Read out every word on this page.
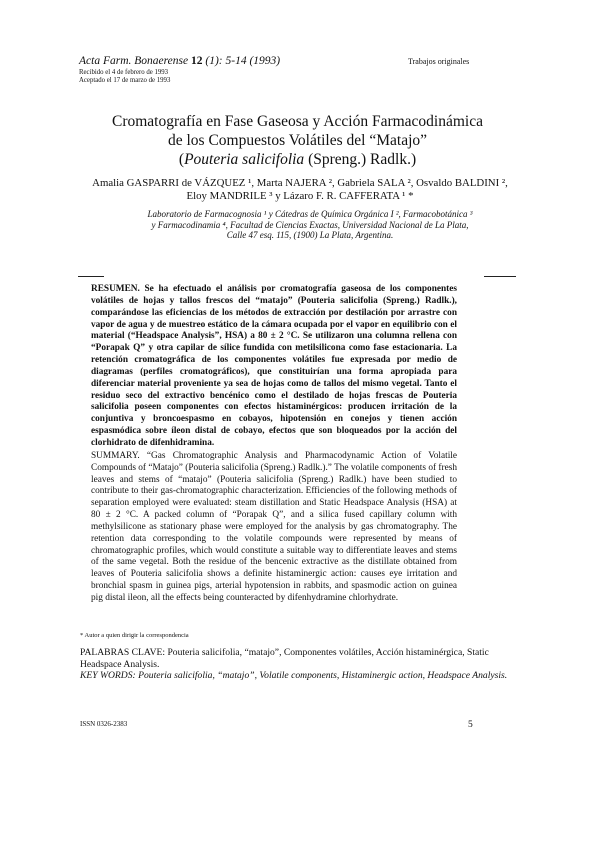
Acta Farm. Bonaerense 12 (1): 5-14 (1993)	Trabajos originales
Recibido el 4 de febrero de 1993
Aceptado el 17 de marzo de 1993
Cromatografía en Fase Gaseosa y Acción Farmacodinámica
de los Compuestos Volátiles del “Matajo”
(Pouteria salicifolia (Spreng.) Radlk.)
Amalia GASPARRI de VÁZQUEZ ¹, Marta NAJERA ², Gabriela SALA ², Osvaldo BALDINI ²,
Eloy MANDRILE ³ y Lázaro F. R. CAFFERATA ¹ *
Laboratorio de Farmacognosia ¹ y Cátedras de Química Orgánica I ², Farmacobotánica ³
y Farmacodinamia ⁴, Facultad de Ciencias Exactas, Universidad Nacional de La Plata,
Calle 47 esq. 115, (1900) La Plata, Argentina.
RESUMEN. Se ha efectuado el análisis por cromatografía gaseosa de los componentes volátiles de hojas y tallos frescos del “matajo” (Pouteria salicifolia (Spreng.) Radlk.), comparándose las eficiencias de los métodos de extracción por destilación por arrastre con vapor de agua y de muestreo estático de la cámara ocupada por el vapor en equilibrio con el material (“Headspace Analysis”, HSA) a 80 ± 2 °C. Se utilizaron una columna rellena con “Porapak Q” y otra capilar de sílice fundida con metilsilicona como fase estacionaria. La retención cromatográfica de los componentes volátiles fue expresada por medio de diagramas (perfiles cromatográficos), que constituirían una forma apropiada para diferenciar material proveniente ya sea de hojas como de tallos del mismo vegetal. Tanto el residuo seco del extractivo bencénico como el destilado de hojas frescas de Pouteria salicifolia poseen componentes con efectos histaminérgicos: producen irritación de la conjuntiva y broncoespasmo en cobayos, hipotensión en conejos y tienen acción espasmódica sobre íleon distal de cobayo, efectos que son bloqueados por la acción del clorhidrato de difenhidramina.
SUMMARY. “Gas Chromatographic Analysis and Pharmacodynamic Action of Volatile Compounds of “Matajo” (Pouteria salicifolia (Spreng.) Radlk.).” The volatile components of fresh leaves and stems of “matajo” (Pouteria salicifolia (Spreng.) Radlk.) have been studied to contribute to their gas-chromatographic characterization. Efficiencies of the following methods of separation employed were evaluated: steam distillation and Static Headspace Analysis (HSA) at 80 ± 2 °C. A packed column of “Porapak Q”, and a silica fused capillary column with methylsilicone as stationary phase were employed for the analysis by gas chromatography. The retention data corresponding to the volatile compounds were represented by means of chromatographic profiles, which would constitute a suitable way to differentiate leaves and stems of the same vegetal. Both the residue of the bencenic extractive as the distillate obtained from leaves of Pouteria salicifolia shows a definite histaminergic action: causes eye irritation and bronchial spasm in guinea pigs, arterial hypotension in rabbits, and spasmodic action on guinea pig distal ileon, all the effects being counteracted by difenhydramine chlorhydrate.
* Autor a quien dirigir la correspondencia
PALABRAS CLAVE: Pouteria salicifolia, “matajo”, Componentes volátiles, Acción histaminérgica, Static Headspace Analysis.
KEY WORDS: Pouteria salicifolia, “matajo”, Volatile components, Histaminergic action, Headspace Analysis.
ISSN 0326-2383	5
